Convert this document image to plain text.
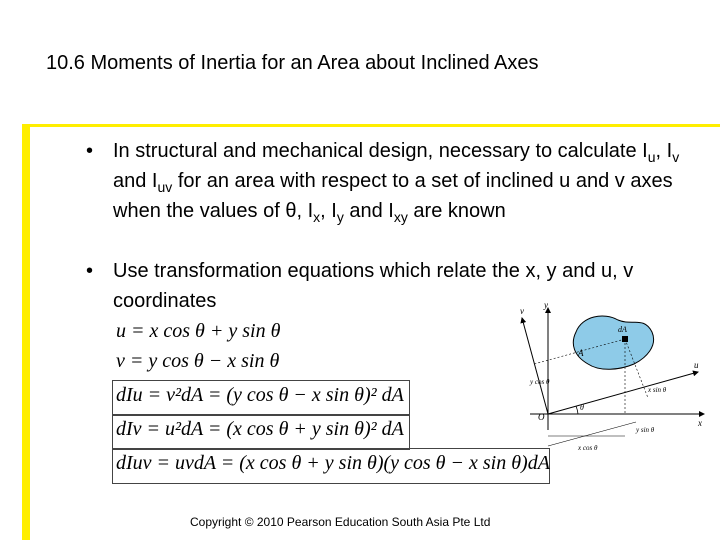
10.6 Moments of Inertia for an Area about Inclined Axes
• In structural and mechanical design, necessary to calculate $I_u$, $I_v$ and $I_{uv}$ for an area with respect to a set of inclined u and v axes when the values of θ, $I_x$, $I_y$ and $I_{xy}$ are known
• Use transformation equations which relate the x, y and u, v coordinates
u = x cos θ + y sin θ
v = y cos θ − x sin θ
dIu = v²dA = (y cos θ − x sin θ)² dA
dIv = u²dA = (x cos θ + y sin θ)² dA
dIuv = uvdA = (x cos θ + y sin θ)(y cos θ − x sin θ)dA
y
v
u
x
O
A
dA
θ
x cos θ
y sin θ
y cos θ
x sin θ
Copyright © 2010 Pearson Education South Asia Pte Ltd
